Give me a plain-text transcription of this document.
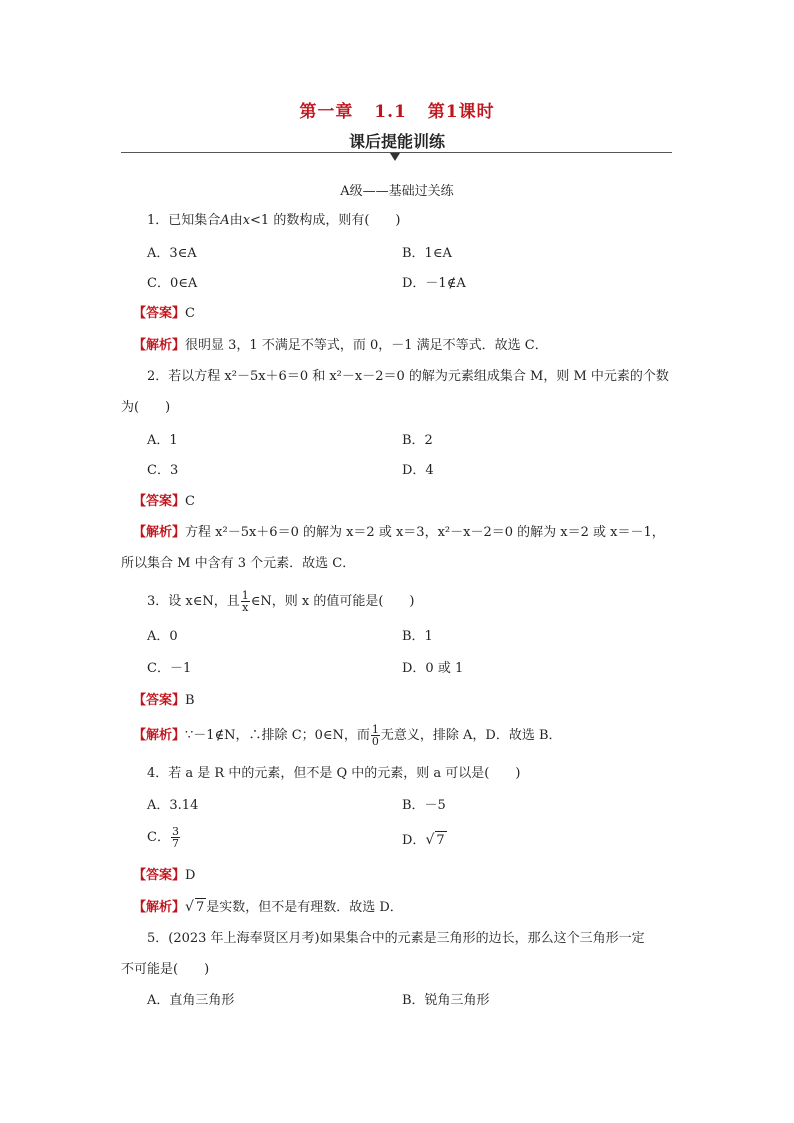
第一章 1.1 第1课时
课后提能训练
A级——基础过关练
1．已知集合A由x<1 的数构成，则有(　　)
A．3∈A	B．1∈A
C．0∈A	D．－1∉A
【答案】C
【解析】很明显 3，1 不满足不等式，而 0，－1 满足不等式．故选 C．
2．若以方程 x²－5x＋6＝0 和 x²－x－2＝0 的解为元素组成集合 M，则 M 中元素的个数
为(　　)
A．1	B．2
C．3	D．4
【答案】C
【解析】方程 x²－5x＋6＝0 的解为 x＝2 或 x＝3，x²－x－2＝0 的解为 x＝2 或 x＝－1，
所以集合 M 中含有 3 个元素．故选 C．
3．设 x∈N，且 $\frac{1}{x}$ ∈N，则 x 的值可能是(　　)
A．0	B．1
C．－1	D．0 或 1
【答案】B
【解析】∵－1∉N，∴排除 C；0∈N，而 $\frac{1}{0}$ 无意义，排除 A，D．故选 B．
4．若 a 是 R 中的元素，但不是 Q 中的元素，则 a 可以是(　　)
A．3.14	B．－5
C． $\frac{3}{7}$	D．√ 7
【答案】D
【解析】√ 7 是实数，但不是有理数．故选 D．
5．(2023 年上海奉贤区月考)如果集合中的元素是三角形的边长，那么这个三角形一定
不可能是(　　)
A．直角三角形	B．锐角三角形
